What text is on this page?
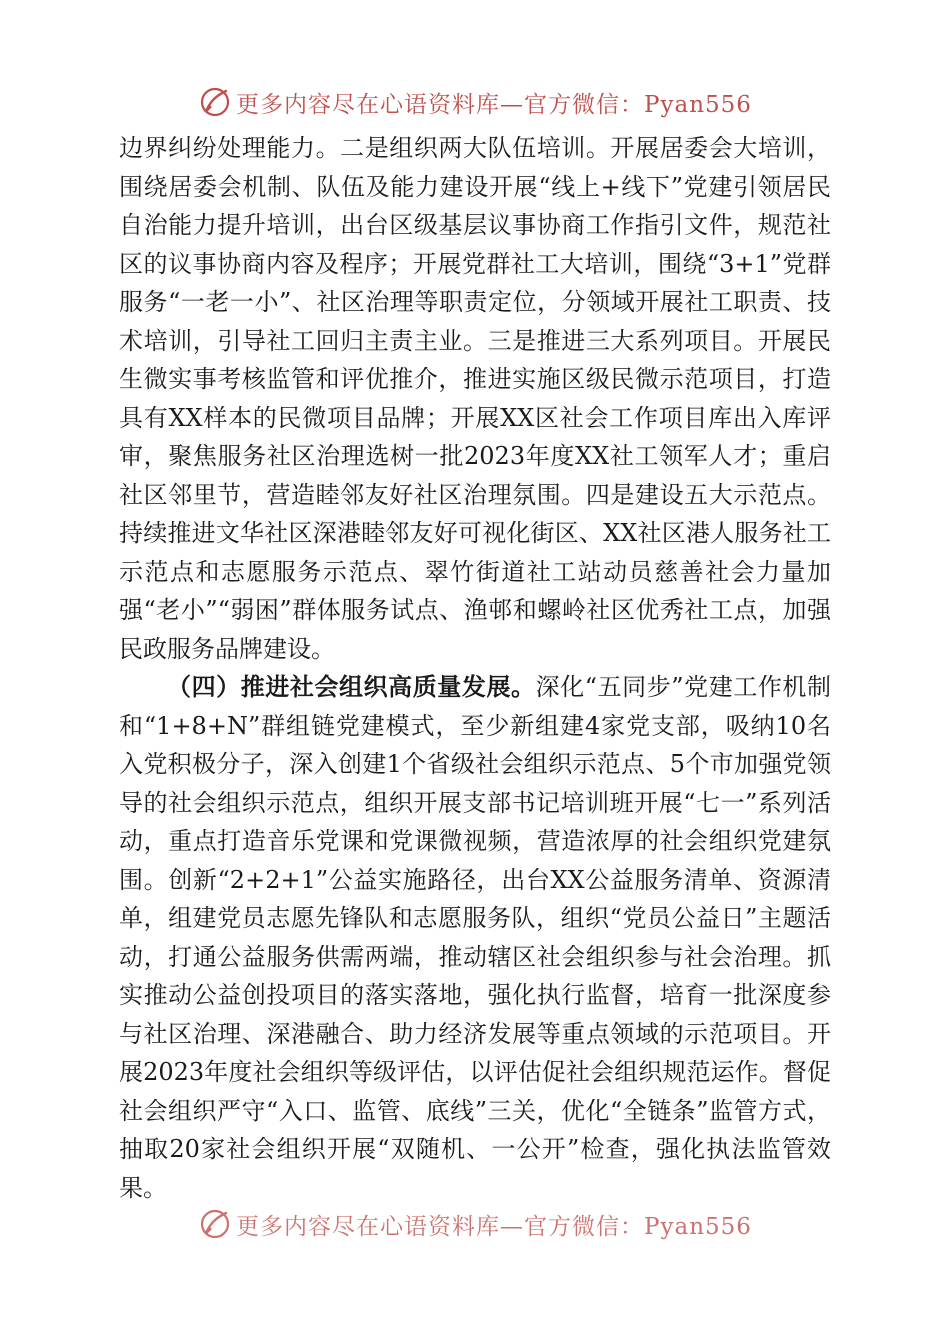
更多内容尽在心语资料库—官方微信：Pyan556

边界纠纷处理能力。二是组织两大队伍培训。开展居委会大培训，围绕居委会机制、队伍及能力建设开展“线上+线下”党建引领居民自治能力提升培训，出台区级基层议事协商工作指引文件，规范社区的议事协商内容及程序；开展党群社工大培训，围绕“3+1”党群服务“一老一小”、社区治理等职责定位，分领域开展社工职责、技术培训，引导社工回归主责主业。三是推进三大系列项目。开展民生微实事考核监管和评优推介，推进实施区级民微示范项目，打造具有XX样本的民微项目品牌；开展XX区社会工作项目库出入库评审，聚焦服务社区治理选树一批2023年度XX社工领军人才；重启社区邻里节，营造睦邻友好社区治理氛围。四是建设五大示范点。持续推进文华社区深港睦邻友好可视化街区、XX社区港人服务社工示范点和志愿服务示范点、翠竹街道社工站动员慈善社会力量加强“老小”“弱困”群体服务试点、渔邨和螺岭社区优秀社工点，加强民政服务品牌建设。

（四）推进社会组织高质量发展。深化“五同步”党建工作机制和“1+8+N”群组链党建模式，至少新组建4家党支部，吸纳10名入党积极分子，深入创建1个省级社会组织示范点、5个市加强党领导的社会组织示范点，组织开展支部书记培训班开展“七一”系列活动，重点打造音乐党课和党课微视频，营造浓厚的社会组织党建氛围。创新“2+2+1”公益实施路径，出台XX公益服务清单、资源清单，组建党员志愿先锋队和志愿服务队，组织“党员公益日”主题活动，打通公益服务供需两端，推动辖区社会组织参与社会治理。抓实推动公益创投项目的落实落地，强化执行监督，培育一批深度参与社区治理、深港融合、助力经济发展等重点领域的示范项目。开展2023年度社会组织等级评估，以评估促社会组织规范运作。督促社会组织严守“入口、监管、底线”三关，优化“全链条”监管方式，抽取20家社会组织开展“双随机、一公开”检查，强化执法监管效果。

更多内容尽在心语资料库—官方微信：Pyan556
